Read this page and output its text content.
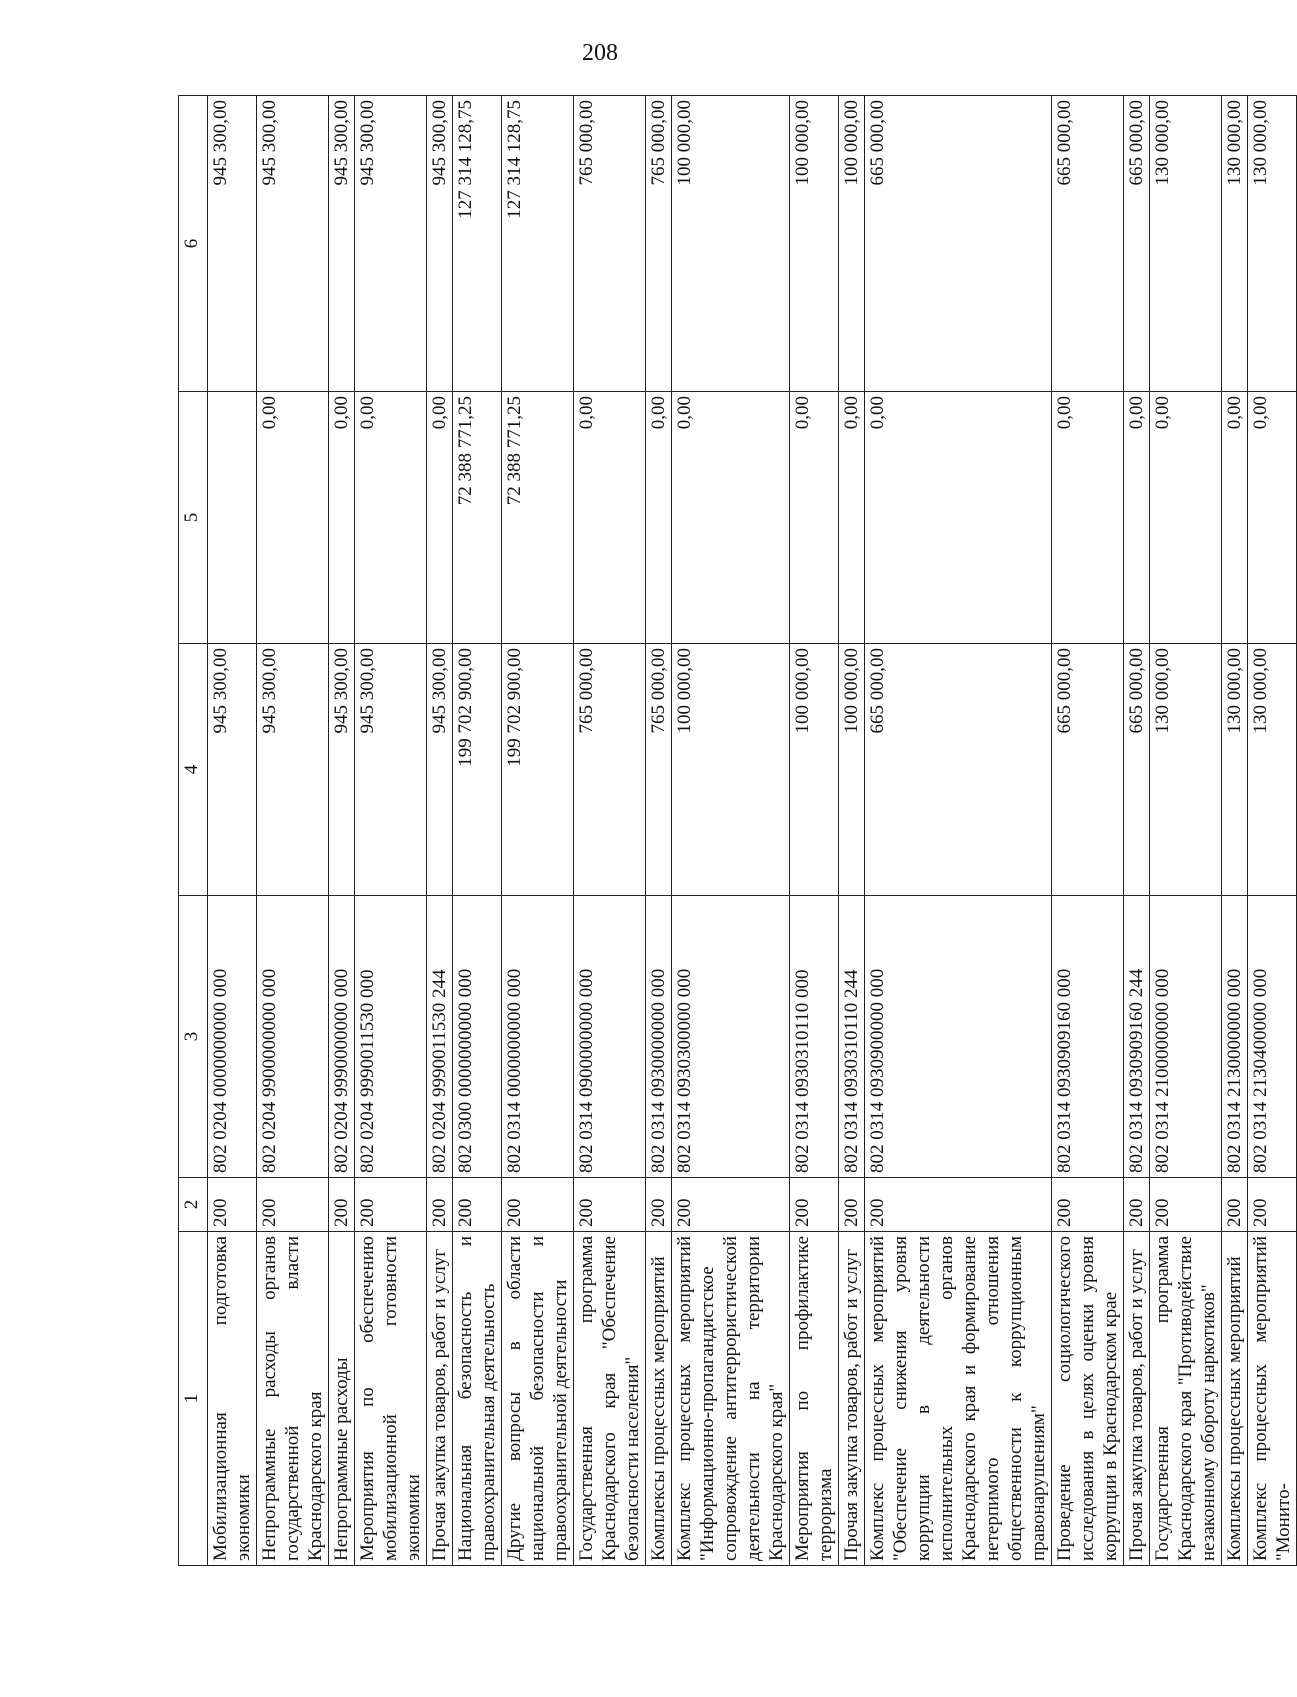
208
1	2	3	4	5	6
Мобилизационная подготовка экономики	200	802 0204 0000000000 000	945 300,00		945 300,00
Непрограммные расходы органов государственной власти Краснодарского края	200	802 0204 9900000000 000	945 300,00	0,00	945 300,00
Непрограммные расходы	200	802 0204 9990000000 000	945 300,00	0,00	945 300,00
Мероприятия по обеспечению мобилизационной готовности экономики	200	802 0204 9990011530 000	945 300,00	0,00	945 300,00
Прочая закупка товаров, работ и услуг	200	802 0204 9990011530 244	945 300,00	0,00	945 300,00
Национальная безопасность и правоохранительная деятельность	200	802 0300 0000000000 000	199 702 900,00	72 388 771,25	127 314 128,75
Другие вопросы в области национальной безопасности и правоохранительной деятельности	200	802 0314 0000000000 000	199 702 900,00	72 388 771,25	127 314 128,75
Государственная программа Краснодарского края "Обеспечение безопасности населения"	200	802 0314 0900000000 000	765 000,00	0,00	765 000,00
Комплексы процессных мероприятий	200	802 0314 0930000000 000	765 000,00	0,00	765 000,00
Комплекс процессных мероприятий "Информационно-пропагандистское сопровождение антитеррористической деятельности на территории Краснодарского края"	200	802 0314 0930300000 000	100 000,00	0,00	100 000,00
Мероприятия по профилактике терроризма	200	802 0314 0930310110 000	100 000,00	0,00	100 000,00
Прочая закупка товаров, работ и услуг	200	802 0314 0930310110 244	100 000,00	0,00	100 000,00
Комплекс процессных мероприятий "Обеспечение снижения уровня коррупции в деятельности исполнительных органов Краснодарского края и формирование нетерпимого отношения общественности к коррупционным правонарушениям"	200	802 0314 0930900000 000	665 000,00	0,00	665 000,00
Проведение социологического исследования в целях оценки уровня коррупции в Краснодарском крае	200	802 0314 0930909160 000	665 000,00	0,00	665 000,00
Прочая закупка товаров, работ и услуг	200	802 0314 0930909160 244	665 000,00	0,00	665 000,00
Государственная программа Краснодарского края "Противодействие незаконному обороту наркотиков"	200	802 0314 2100000000 000	130 000,00	0,00	130 000,00
Комплексы процессных мероприятий	200	802 0314 2130000000 000	130 000,00	0,00	130 000,00
Комплекс процессных мероприятий "Монито-	200	802 0314 2130400000 000	130 000,00	0,00	130 000,00
